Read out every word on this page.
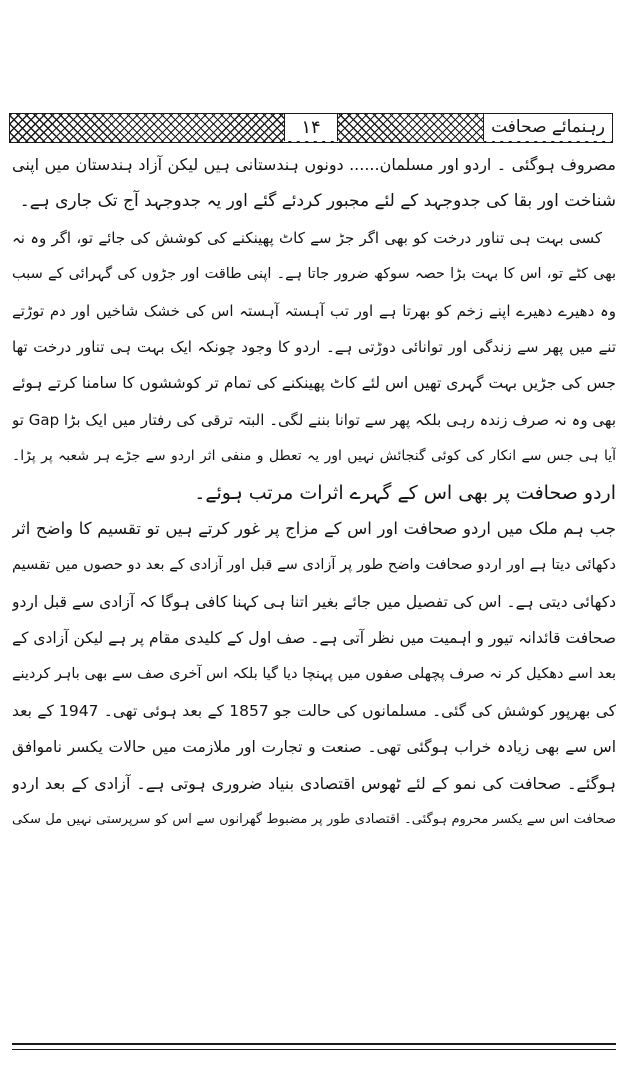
رہنمائے صحافت
۱۴
مصروف ہوگئی ۔ اردو اور مسلمان...... دونوں ہندستانی ہیں لیکن آزاد ہندستان میں اپنی
شناخت اور بقا کی جدوجہد کے لئے مجبور کردئے گئے اور یہ جدوجہد آج تک جاری ہے۔
کسی بہت ہی تناور درخت کو بھی اگر جڑ سے کاٹ پھینکنے کی کوشش کی جائے تو، اگر وہ نہ
بھی کٹے تو، اس کا بہت بڑا حصہ سوکھ ضرور جاتا ہے۔ اپنی طاقت اور جڑوں کی گہرائی کے سبب
وہ دھیرے دھیرے اپنے زخم کو بھرتا ہے اور تب آہستہ آہستہ اس کی خشک شاخیں اور دم توڑتے
تنے میں پھر سے زندگی اور توانائی دوڑتی ہے۔ اردو کا وجود چونکہ ایک بہت ہی تناور درخت تھا
جس کی جڑیں بہت گہری تھیں اس لئے کاٹ پھینکنے کی تمام تر کوششوں کا سامنا کرتے ہوئے
بھی وہ نہ صرف زندہ رہی بلکہ پھر سے توانا بننے لگی۔ البتہ ترقی کی رفتار میں ایک بڑا Gap تو
آیا ہی جس سے انکار کی کوئی گنجائش نہیں اور یہ تعطل و منفی اثر اردو سے جڑے ہر شعبہ پر پڑا۔
اردو صحافت پر بھی اس کے گہرے اثرات مرتب ہوئے۔
جب ہم ملک میں اردو صحافت اور اس کے مزاج پر غور کرتے ہیں تو تقسیم کا واضح اثر
دکھائی دیتا ہے اور اردو صحافت واضح طور پر آزادی سے قبل اور آزادی کے بعد دو حصوں میں تقسیم
دکھائی دیتی ہے۔ اس کی تفصیل میں جائے بغیر اتنا ہی کہنا کافی ہوگا کہ آزادی سے قبل اردو
صحافت قائدانہ تیور و اہمیت میں نظر آتی ہے۔ صف اول کے کلیدی مقام پر ہے لیکن آزادی کے
بعد اسے دھکیل کر نہ صرف پچھلی صفوں میں پہنچا دیا گیا بلکہ اس آخری صف سے بھی باہر کردینے
کی بھرپور کوشش کی گئی۔ مسلمانوں کی حالت جو 1857 کے بعد ہوئی تھی۔ 1947 کے بعد
اس سے بھی زیادہ خراب ہوگئی تھی۔ صنعت و تجارت اور ملازمت میں حالات یکسر ناموافق
ہوگئے۔ صحافت کی نمو کے لئے ٹھوس اقتصادی بنیاد ضروری ہوتی ہے۔ آزادی کے بعد اردو
صحافت اس سے یکسر محروم ہوگئی۔ اقتصادی طور پر مضبوط گھرانوں سے اس کو سرپرستی نہیں مل سکی
